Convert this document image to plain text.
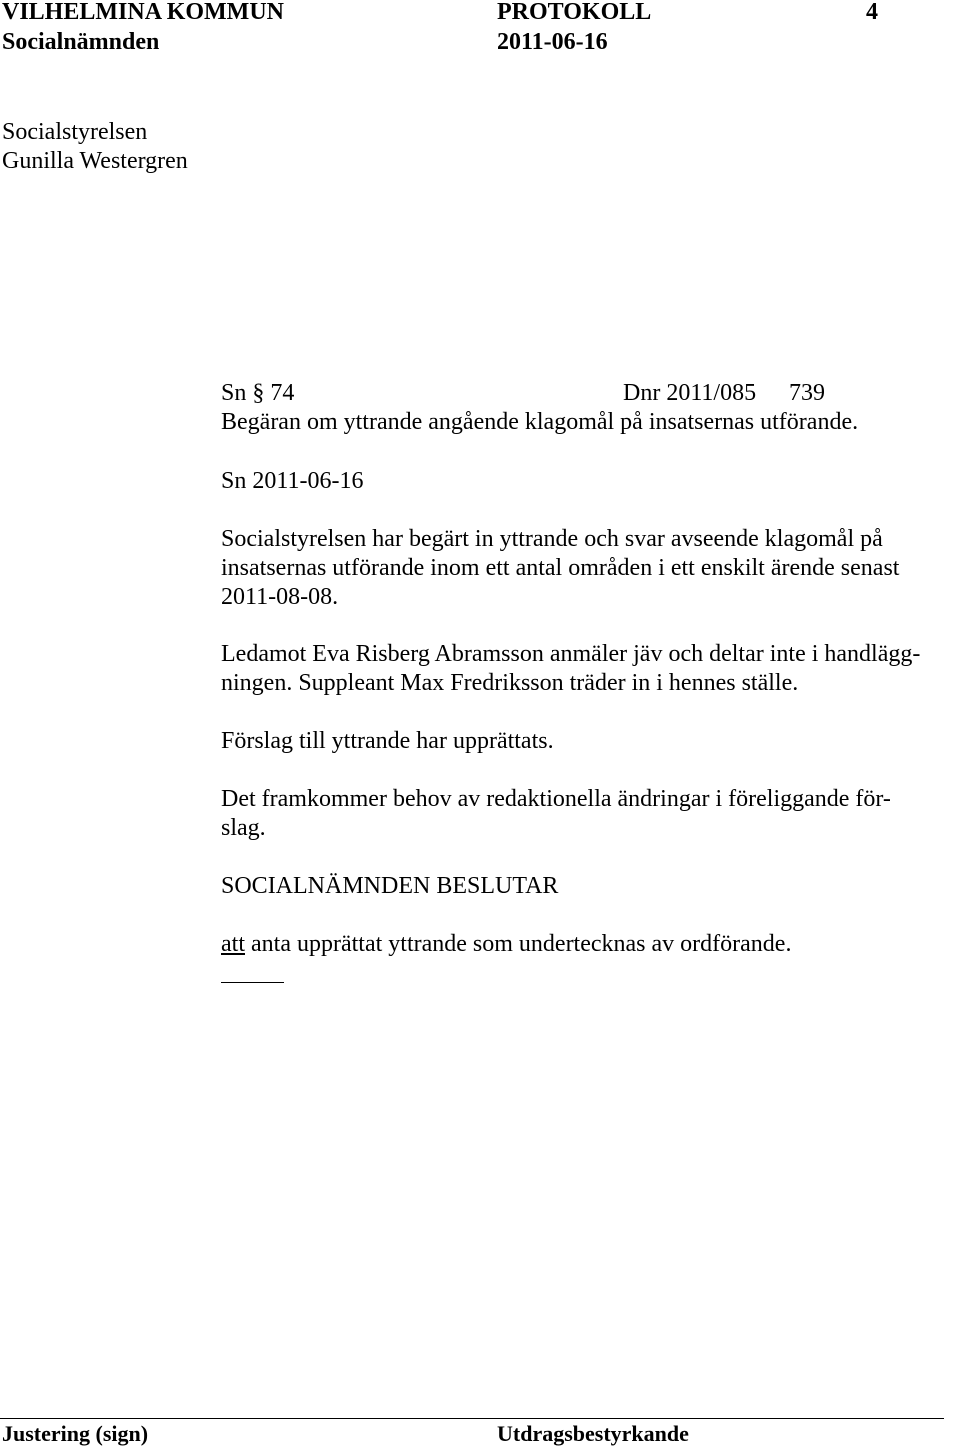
VILHELMINA KOMMUN	PROTOKOLL	4
Socialnämnden	2011-06-16
Socialstyrelsen
Gunilla Westergren
Sn § 74	Dnr 2011/085 739
Begäran om yttrande angående klagomål på insatsernas utförande.
Sn 2011-06-16

Socialstyrelsen har begärt in yttrande och svar avseende klagomål på

insatsernas utförande inom ett antal områden i ett enskilt ärende senast

2011-08-08.

Ledamot Eva Risberg Abramsson anmäler jäv och deltar inte i handlägg-

ningen. Suppleant Max Fredriksson träder in i hennes ställe.

Förslag till yttrande har upprättats.

Det framkommer behov av redaktionella ändringar i föreliggande för-

slag.

SOCIALNÄMNDEN BESLUTAR

att anta upprättat yttrande som undertecknas av ordförande.

Justering (sign)	Utdragsbestyrkande
